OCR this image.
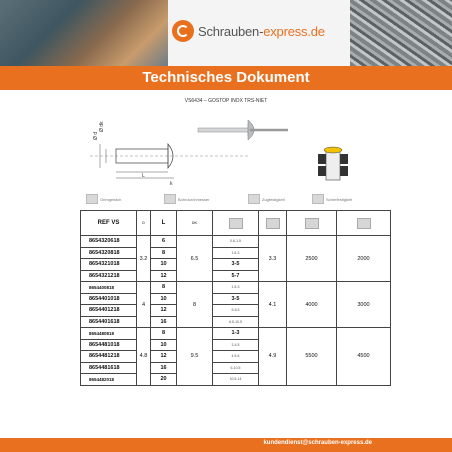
Schrauben-express.de
Technisches Dokument
VS6434 – GOSTOP INOX TRS-NIET
Ø d
Ø dk
L
k
Grimgeistch	Bohrdurchmesser	Zugfestigkeit	Scherfestigkeit
REF VS	D	L	DK				
8654320618	3.2	6	6.5	0.6-1.5	3.3	2500	2000
8654320818		8		1.6-3			
8654321018		10		3-5			
8654321218		12		5-7			
8654400818	4	8	8	1.5-3	4.1	4000	3000
8654401018		10		3-5			
8654401218		12		5-6.5			
8654401618		16		6.5-10.5			
8654480818	4.8	8	9.5	1-3	4.9	5500	4500
8654481018		10		3-4.5			
8654481218		12		4.5-6			
8654481618		16		6-10.5			
8654482018		20		10.5-14			
kundendienst@schrauben-express.de
